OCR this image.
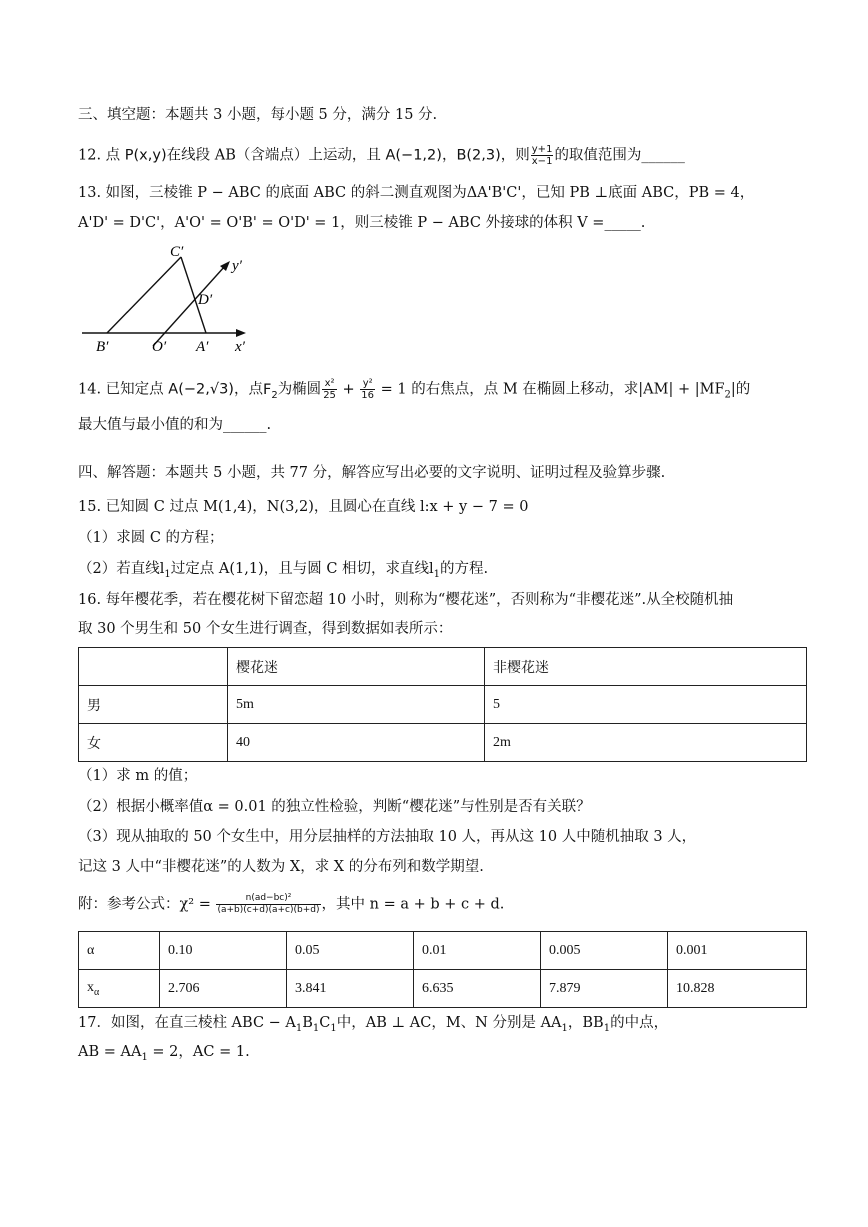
三、填空题：本题共 3 小题，每小题 5 分，满分 15 分.
12. 点 P(x,y)在线段 AB（含端点）上运动，且 A(−1,2)，B(2,3)，则 $\frac{y+1}{x-1}$ 的取值范围为______
13. 如图，三棱锥 P − ABC 的底面 ABC 的斜二测直观图为ΔA'B'C'，已知 PB ⊥底面 ABC，PB = 4，
A'D' = D'C'，A'O' = O'B' = O'D' = 1，则三棱锥 P − ABC 外接球的体积 V =_____.
C′
y′
D′
B′	O′ A′ x′
14. 已知定点 A(−2,√3)，点$F_2$为椭圆 $\frac{\text{x²}}{25} + \frac{\text{y²}}{16} = 1$ 的右焦点，点 M 在椭圆上移动，求$|AM| + |MF_2|$的
最大值与最小值的和为______.
四、解答题：本题共 5 小题，共 77 分，解答应写出必要的文字说明、证明过程及验算步骤.
15. 已知圆 C 过点 M(1,4)，N(3,2)，且圆心在直线 l:x + y − 7 = 0
（1）求圆 C 的方程；
（2）若直线$l_1$过定点 A(1,1)，且与圆 C 相切，求直线$l_1$的方程.
16. 每年樱花季，若在樱花树下留恋超 10 小时，则称为“樱花迷”，否则称为“非樱花迷”.从全校随机抽
取 30 个男生和 50 个女生进行调查，得到数据如表所示：
	樱花迷	非樱花迷
男	5m	5
女	40	2m
（1）求 m 的值；
（2）根据小概率值α = 0.01 的独立性检验，判断“樱花迷”与性别是否有关联？
（3）现从抽取的 50 个女生中，用分层抽样的方法抽取 10 人，再从这 10 人中随机抽取 3 人，
记这 3 人中“非樱花迷”的人数为 X，求 X 的分布列和数学期望.
附：参考公式：$\chi^2 = \frac{\text{n(ad−bc)²}}{(a+b)(c+d)(a+c)(b+d)}$ ，其中 n = a + b + c + d.
α	0.10	0.05	0.01	0.005	0.001
$x_\alpha$	2.706	3.841	6.635	7.879	10.828
17．如图，在直三棱柱 ABC − $A_1B_1C_1$中，AB ⊥ AC，M、N 分别是 $AA_1$，$BB_1$的中点，
AB = $AA_1 = 2$，AC = 1.
